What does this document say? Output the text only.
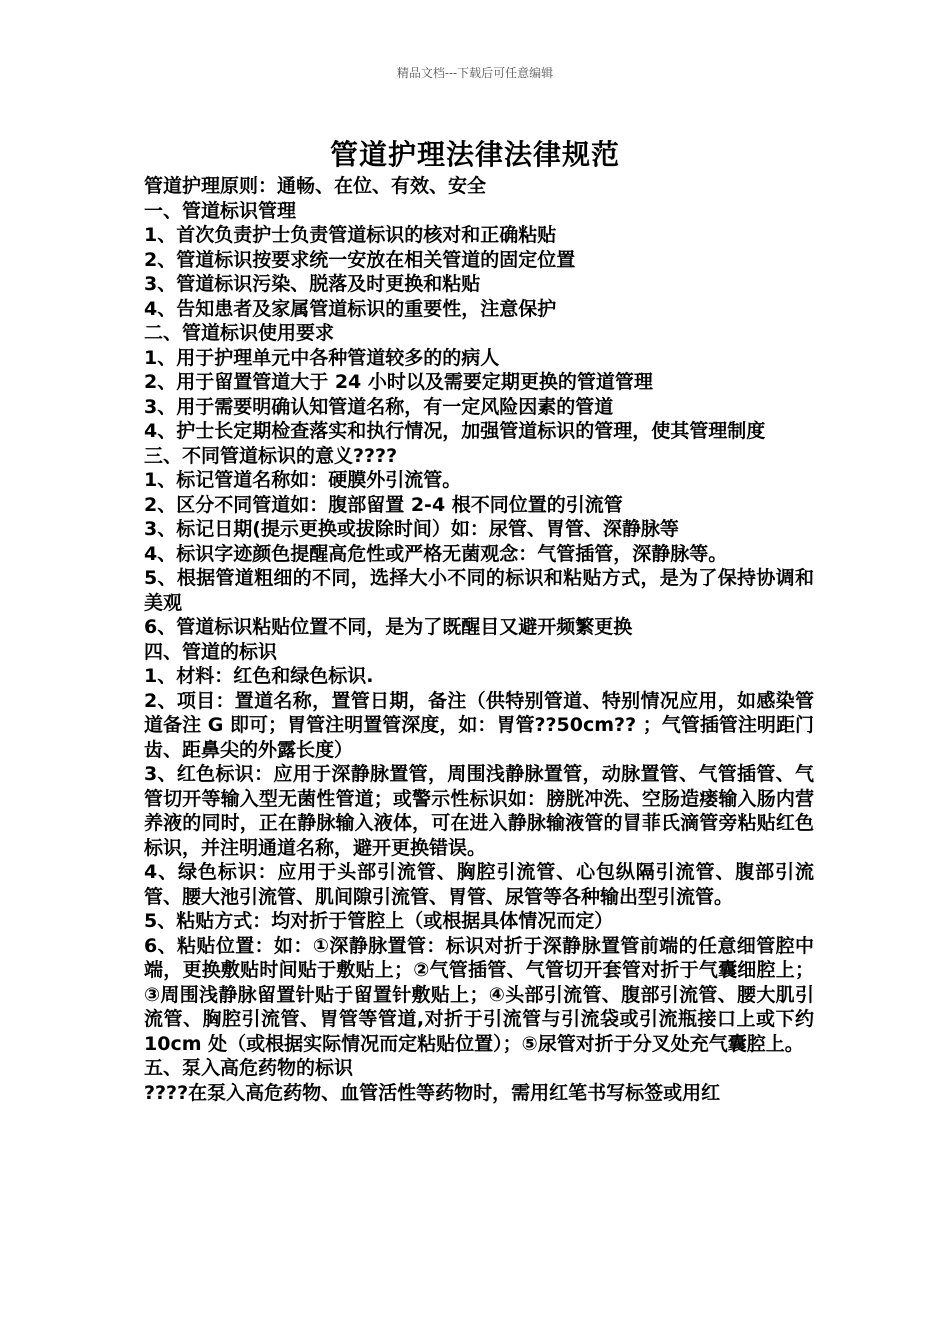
精品文档---下载后可任意编辑
管道护理法律法律规范

管道护理原则：通畅、在位、有效、安全

一、管道标识管理

1、首次负责护士负责管道标识的核对和正确粘贴

2、管道标识按要求统一安放在相关管道的固定位置

3、管道标识污染、脱落及时更换和粘贴

4、告知患者及家属管道标识的重要性，注意保护

二、管道标识使用要求

1、用于护理单元中各种管道较多的的病人

2、用于留置管道大于 24 小时以及需要定期更换的管道管理

3、用于需要明确认知管道名称，有一定风险因素的管道

4、护士长定期检查落实和执行情况，加强管道标识的管理，使其管理制度

三、不同管道标识的意义????

1、标记管道名称如：硬膜外引流管。

2、区分不同管道如：腹部留置 2-4 根不同位置的引流管

3、标记日期(提示更换或拔除时间）如：尿管、胃管、深静脉等

4、标识字迹颜色提醒高危性或严格无菌观念：气管插管，深静脉等。

5、根据管道粗细的不同，选择大小不同的标识和粘贴方式，是为了保持协调和美观

6、管道标识粘贴位置不同，是为了既醒目又避开频繁更换

四、管道的标识

1、材料：红色和绿色标识.

2、项目：置道名称，置管日期，备注（供特别管道、特别情况应用，如感染管道备注 G 即可；胃管注明置管深度，如：胃管??50cm?? ；气管插管注明距门齿、距鼻尖的外露长度）

3、红色标识：应用于深静脉置管，周围浅静脉置管，动脉置管、气管插管、气管切开等输入型无菌性管道；或警示性标识如：膀胱冲洗、空肠造瘘输入肠内营养液的同时，正在静脉输入液体，可在进入静脉输液管的冒菲氏滴管旁粘贴红色标识，并注明通道名称，避开更换错误。

4、绿色标识：应用于头部引流管、胸腔引流管、心包纵隔引流管、腹部引流管、腰大池引流管、肌间隙引流管、胃管、尿管等各种输出型引流管。

5、粘贴方式：均对折于管腔上（或根据具体情况而定）

6、粘贴位置：如：①深静脉置管：标识对折于深静脉置管前端的任意细管腔中端，更换敷贴时间贴于敷贴上；②气管插管、气管切开套管对折于气囊细腔上；③周围浅静脉留置针贴于留置针敷贴上；④头部引流管、腹部引流管、腰大肌引流管、胸腔引流管、胃管等管道,对折于引流管与引流袋或引流瓶接口上或下约 10cm 处（或根据实际情况而定粘贴位置）；⑤尿管对折于分叉处充气囊腔上。

五、泵入高危药物的标识

????在泵入高危药物、血管活性等药物时，需用红笔书写标签或用红
